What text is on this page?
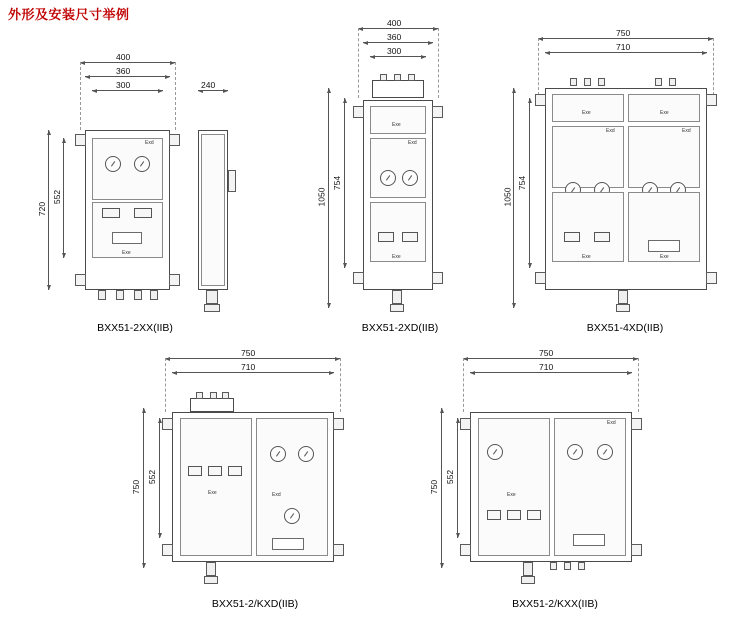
外形及安装尺寸举例
400
360
300
720
552
Exd
Exe
240
BXX51-2XX(IIB)
400
360
300
1050
754
Exe
Exd
Exe
BXX51-2XD(IIB)
750
710
1050
754
Exe
Exd
Exe
Exe
Exd
Exe
BXX51-4XD(IIB)
750
710
750
552
Exe	Exd
BXX51-2/KXD(IIB)
750
710
750
552
Exe
Exd
BXX51-2/KXX(IIB)
